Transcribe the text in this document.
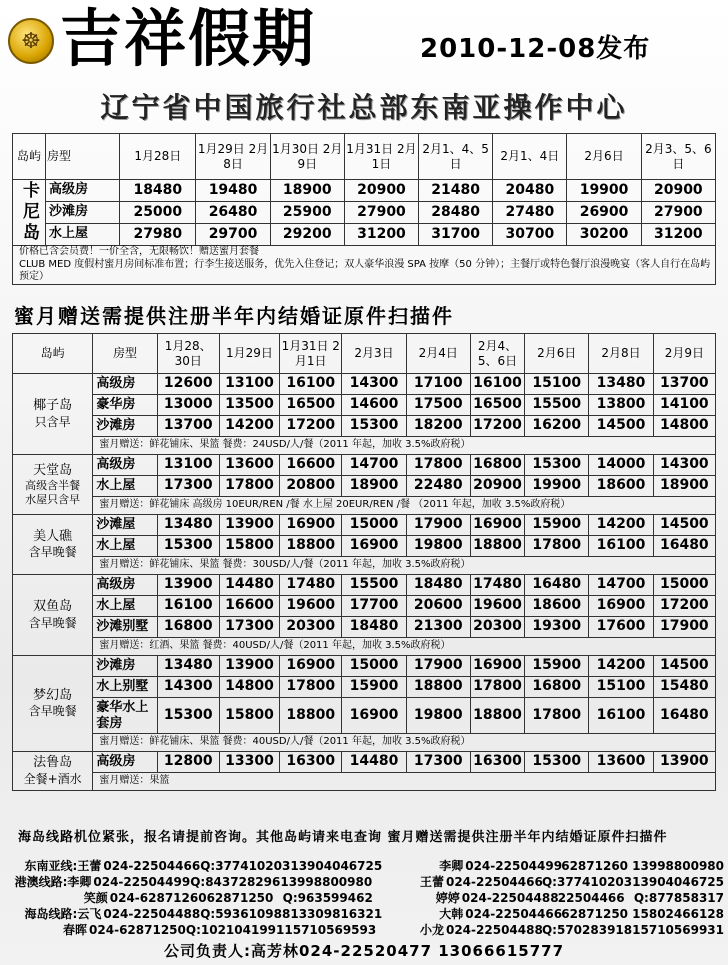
☸ 吉祥假期	2010-12-08发布
辽宁省中国旅行社总部东南亚操作中心
岛屿	房型	1月28日	1月29日 2月8日	1月30日 2月9日	1月31日 2月1日	2月1、4、5日	2月1、4日	2月6日	2月3、5、6日
卡尼岛	高级房	18480	19480	18900	20900	21480	20480	19900	20900
	沙滩房	25000	26480	25900	27900	28480	27480	26900	27900
	水上屋	27980	29700	29200	31200	31700	30700	30200	31200
价格已含会员费！一价全含，无限畅饮！赠送蜜月套餐									
CLUB MED 度假村蜜月房间标准布置；行李生接送服务，优先入住登记；双人豪华浪漫 SPA 按摩（50 分钟）；主餐厅或特色餐厅浪漫晚宴（客人自行在岛屿预定）									
蜜月赠送需提供注册半年内结婚证原件扫描件
岛屿	房型	1月28、30日	1月29日	1月31日 2月1日	2月3日	2月4日	2月4、5、6日	2月6日	2月8日	2月9日

椰子岛
只含早	高级房	12600	13100	16100	14300	17100	16100	15100	13480	13700
	豪华房	13000	13500	16500	14600	17500	16500	15500	13800	14100
	沙滩房	13700	14200	17200	15300	18200	17200	16200	14500	14800
	蜜月赠送：鲜花铺床、果篮 餐费：24USD/人/餐（2011 年起，加收 3.5%政府税）									

天堂岛
高级含半餐
水屋只含早	高级房	13100	13600	16600	14700	17800	16800	15300	14000	14300
	水上屋	17300	17800	20800	18900	22480	20900	19900	18600	18900
	蜜月赠送：鲜花铺床 高级房 10EUR/REN /餐 水上屋 20EUR/REN /餐 （2011 年起，加收 3.5%政府税）									

美人礁
含早晚餐	沙滩屋	13480	13900	16900	15000	17900	16900	15900	14200	14500
	水上屋	15300	15800	18800	16900	19800	18800	17800	16100	16480
	蜜月赠送：鲜花铺床、果篮 餐费：30USD/人/餐（2011 年起，加收 3.5%政府税）									

双鱼岛
含早晚餐	高级房	13900	14480	17480	15500	18480	17480	16480	14700	15000
	水上屋	16100	16600	19600	17700	20600	19600	18600	16900	17200
	沙滩别墅	16800	17300	20300	18480	21300	20300	19300	17600	17900
	蜜月赠送：红酒、果篮 餐费：40USD/人/餐（2011 年起，加收 3.5%政府税）									

梦幻岛
含早晚餐	沙滩房	13480	13900	16900	15000	17900	16900	15900	14200	14500
	水上别墅	14300	14800	17800	15900	18800	17800	16800	15100	15480
	豪华水上套房	15300	15800	18800	16900	19800	18800	17800	16100	16480
	蜜月赠送：鲜花铺床、果篮 餐费：40USD/人/餐（2011 年起，加收 3.5%政府税）									

法鲁岛
全餐+酒水	高级房	12800	13300	16300	14480	17300	16300	15300	13600	13900
	蜜月赠送：果篮									
海岛线路机位紧张，报名请提前咨询。其他岛屿请来电查询 蜜月赠送需提供注册半年内结婚证原件扫描件
东南亚线:王蕾 024-22504466 Q:377410203 13904046725	李卿 024-22504499 62871260 13998800980
港澳线路:李卿 024-22504499 Q:843728296 13998800980	王蕾 024-22504466 Q:377410203 13904046725
笑颜 024-62871260 62871250 Q:963599462	婷婷 024-22504488 22504466 Q:877858317
海岛线路:云飞 024-22504488 Q:593610988 13309816321	大韩 024-22504466 62871250 15802466128
春晖 024-62871250 Q:1021041991 15710569593	小龙 024-22504488 Q:570283918 15710569931
公司负责人:高芳林024-22520477 13066615777
